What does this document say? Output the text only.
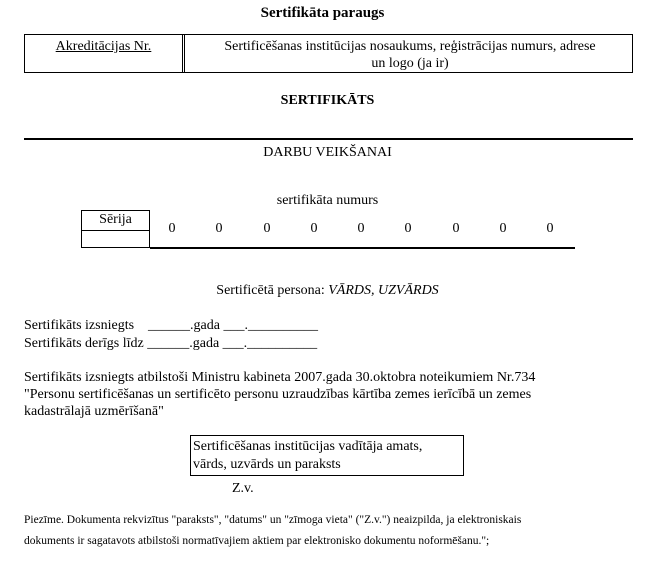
Sertifikāta paraugs
Akreditācijas Nr.	Sertificēšanas institūcijas nosaukums, reģistrācijas numurs, adrese
un logo (ja ir)
SERTIFIKĀTS
DARBU VEIKŠANAI
sertifikāta numurs
Sērija
0	0	0	0	0	0	0	0	0
Sertificētā persona: VĀRDS, UZVĀRDS
Sertifikāts izsniegts    ______.gada ___.__________
Sertifikāts derīgs līdz ______.gada ___.__________
Sertifikāts izsniegts atbilstoši Ministru kabineta 2007.gada 30.oktobra noteikumiem Nr.734
"Personu sertificēšanas un sertificēto personu uzraudzības kārtība zemes ierīcībā un zemes
kadastrālajā uzmērīšanā"
Sertificēšanas institūcijas vadītāja amats,
vārds, uzvārds un paraksts
Z.v.
Piezīme. Dokumenta rekvizītus "paraksts", "datums" un "zīmoga vieta" ("Z.v.") neaizpilda, ja elektroniskais
dokuments ir sagatavots atbilstoši normatīvajiem aktiem par elektronisko dokumentu noformēšanu.";
